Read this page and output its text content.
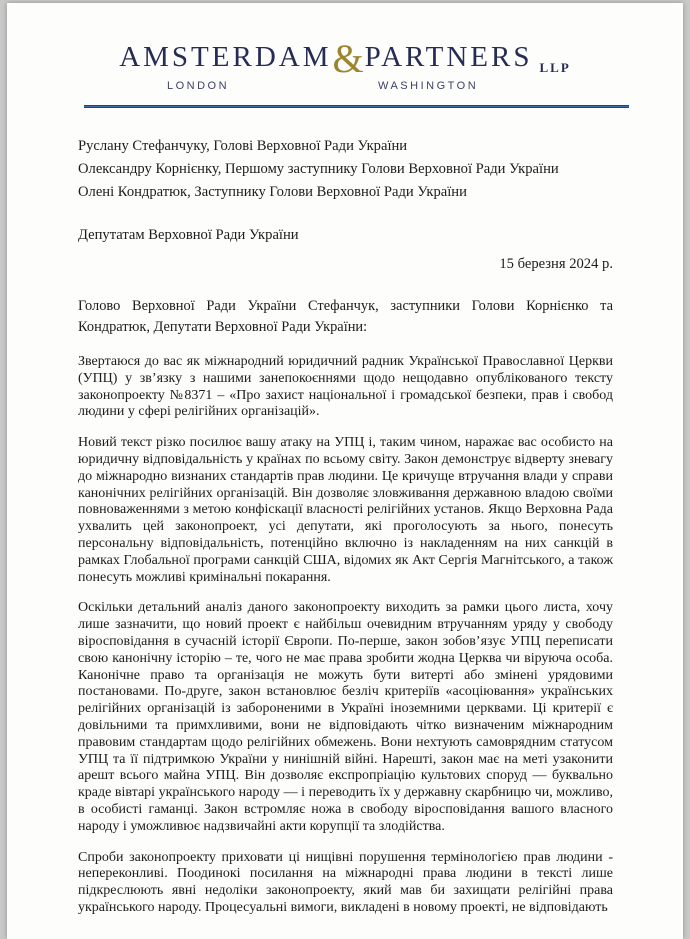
AMSTERDAM & PARTNERS LLP
LONDON	WASHINGTON
Руслану Стефанчуку, Голові Верховної Ради України
Олександру Корнієнку, Першому заступнику Голови Верховної Ради України
Олені Кондратюк, Заступнику Голови Верховної Ради України
Депутатам Верховної Ради України
15 березня 2024 р.
Голово Верховної Ради України Стефанчук, заступники Голови Корнієнко та Кондратюк, Депутати Верховної Ради України:

Звертаюся до вас як міжнародний юридичний радник Української Православної Церкви (УПЦ) у зв’язку з нашими занепокоєннями щодо нещодавно опублікованого тексту законопроекту №8371 – «Про захист національної і громадської безпеки, прав і свобод людини у сфері релігійних організацій».

Новий текст різко посилює вашу атаку на УПЦ і, таким чином, наражає вас особисто на юридичну відповідальність у країнах по всьому світу. Закон демонструє відверту зневагу до міжнародно визнаних стандартів прав людини. Це кричуще втручання влади у справи канонічних релігійних організацій. Він дозволяє зловживання державною владою своїми повноваженнями з метою конфіскації власності релігійних установ. Якщо Верховна Рада ухвалить цей законопроект, усі депутати, які проголосують за нього, понесуть персональну відповідальність, потенційно включно із накладенням на них санкцій в рамках Глобальної програми санкцій США, відомих як Акт Сергія Магнітського, а також понесуть можливі кримінальні покарання.

Оскільки детальний аналіз даного законопроекту виходить за рамки цього листа, хочу лише зазначити, що новий проект є найбільш очевидним втручанням уряду у свободу віросповідання в сучасній історії Європи. По-перше, закон зобов’язує УПЦ переписати свою канонічну історію – те, чого не має права зробити жодна Церква чи віруюча особа. Канонічне право та організація не можуть бути витерті або змінені урядовими постановами. По-друге, закон встановлює безліч критеріїв «асоціювання» українських релігійних організацій із забороненими в Україні іноземними церквами. Ці критерії є довільними та примхливими, вони не відповідають чітко визначеним міжнародним правовим стандартам щодо релігійних обмежень. Вони нехтують самоврядним статусом УПЦ та її підтримкою України у нинішній війні. Нарешті, закон має на меті узаконити арешт всього майна УПЦ. Він дозволяє експропріацію культових споруд — буквально краде вівтарі українського народу — і переводить їх у державну скарбницю чи, можливо, в особисті гаманці. Закон встромляє ножа в свободу віросповідання вашого власного народу і уможливює надзвичайні акти корупції та злодійства.

Спроби законопроекту приховати ці нищівні порушення термінологією прав людини - непереконливі. Поодинокі посилання на міжнародні права людини в тексті лише підкреслюють явні недоліки законопроекту, який мав би захищати релігійні права українського народу. Процесуальні вимоги, викладені в новому проекті, не відповідають
